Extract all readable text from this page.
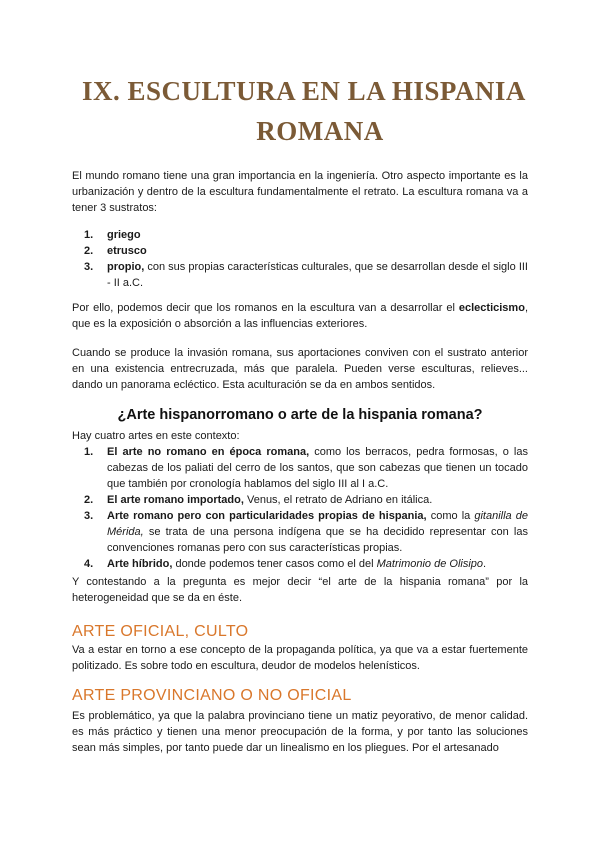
IX. ESCULTURA EN LA HISPANIA
ROMANA
El mundo romano tiene una gran importancia en la ingeniería. Otro aspecto importante es la urbanización y dentro de la escultura fundamentalmente el retrato. La escultura romana va a tener 3 sustratos:
1. griego
2. etrusco
3. propio, con sus propias características culturales, que se desarrollan desde el siglo III - II a.C.
Por ello, podemos decir que los romanos en la escultura van a desarrollar el eclecticismo, que es la exposición o absorción a las influencias exteriores.
Cuando se produce la invasión romana, sus aportaciones conviven con el sustrato anterior en una existencia entrecruzada, más que paralela. Pueden verse esculturas, relieves... dando un panorama ecléctico. Esta aculturación se da en ambos sentidos.
¿Arte hispanorromano o arte de la hispania romana?
Hay cuatro artes en este contexto:
1. El arte no romano en época romana, como los berracos, pedra formosas, o las cabezas de los paliati del cerro de los santos, que son cabezas que tienen un tocado que también por cronología hablamos del siglo III al I a.C.
2. El arte romano importado, Venus, el retrato de Adriano en itálica.
3. Arte romano pero con particularidades propias de hispania, como la gitanilla de Mérida, se trata de una persona indígena que se ha decidido representar con las convenciones romanas pero con sus características propias.
4. Arte híbrido, donde podemos tener casos como el del Matrimonio de Olisipo.
Y contestando a la pregunta es mejor decir “el arte de la hispania romana” por la heterogeneidad que se da en éste.
ARTE OFICIAL, CULTO
Va a estar en torno a ese concepto de la propaganda política, ya que va a estar fuertemente politizado. Es sobre todo en escultura, deudor de modelos helenísticos.
ARTE PROVINCIANO O NO OFICIAL
Es problemático, ya que la palabra provinciano tiene un matiz peyorativo, de menor calidad. es más práctico y tienen una menor preocupación de la forma, y por tanto las soluciones sean más simples, por tanto puede dar un linealismo en los pliegues. Por el artesanado
